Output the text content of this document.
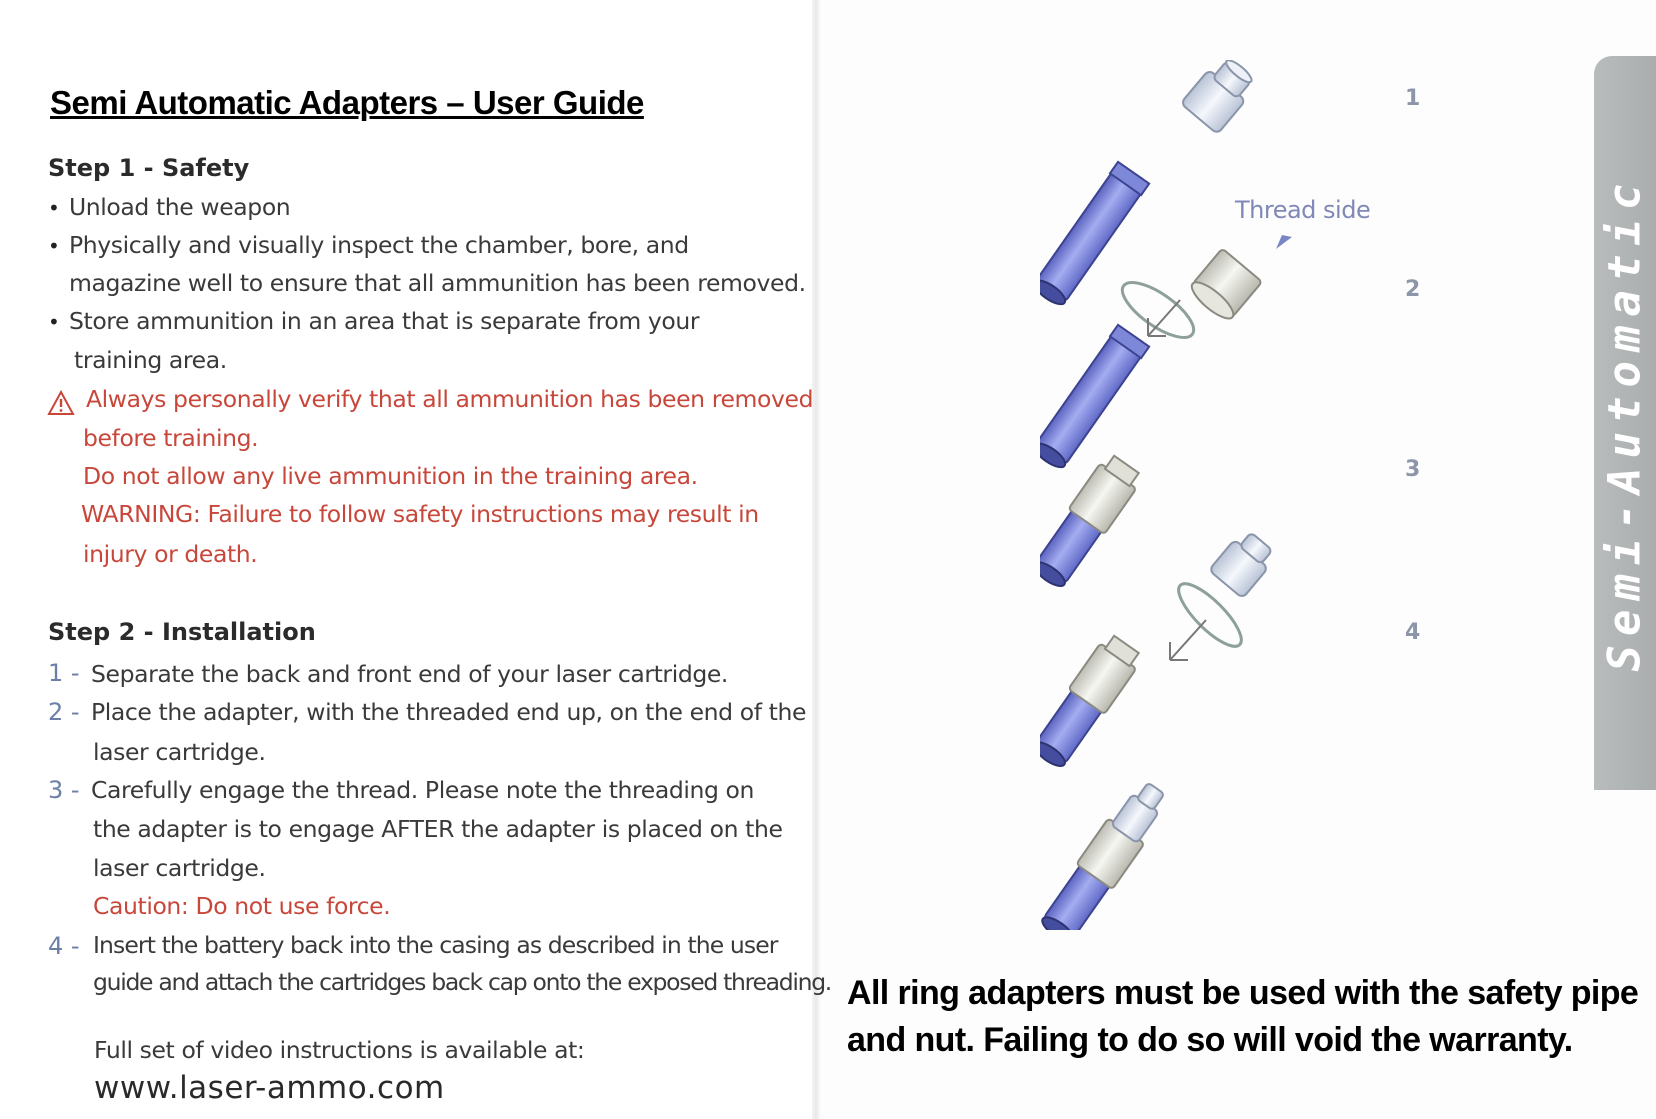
Semi Automatic Adapters – User Guide
Step 1 - Safety
• Unload the weapon
• Physically and visually inspect the chamber, bore, and
magazine well to ensure that all ammunition has been removed.
• Store ammunition in an area that is separate from your
training area.
Always personally verify that all ammunition has been removed
before training.
Do not allow any live ammunition in the training area.
WARNING: Failure to follow safety instructions may result in
injury or death.
Step 2 - Installation
1 - Separate the back and front end of your laser cartridge.
2 - Place the adapter, with the threaded end up, on the end of the
laser cartridge.
3 - Carefully engage the thread. Please note the threading on
the adapter is to engage AFTER the adapter is placed on the
laser cartridge.
Caution: Do not use force.
4 - Insert the battery back into the casing as described in the user
guide and attach the cartridges back cap onto the exposed threading.
Full set of video instructions is available at:
www.laser-ammo.com
Thread side
1
2
3
4	Semi-Automatic
All ring adapters must be used with the safety pipe
and nut. Failing to do so will void the warranty.
